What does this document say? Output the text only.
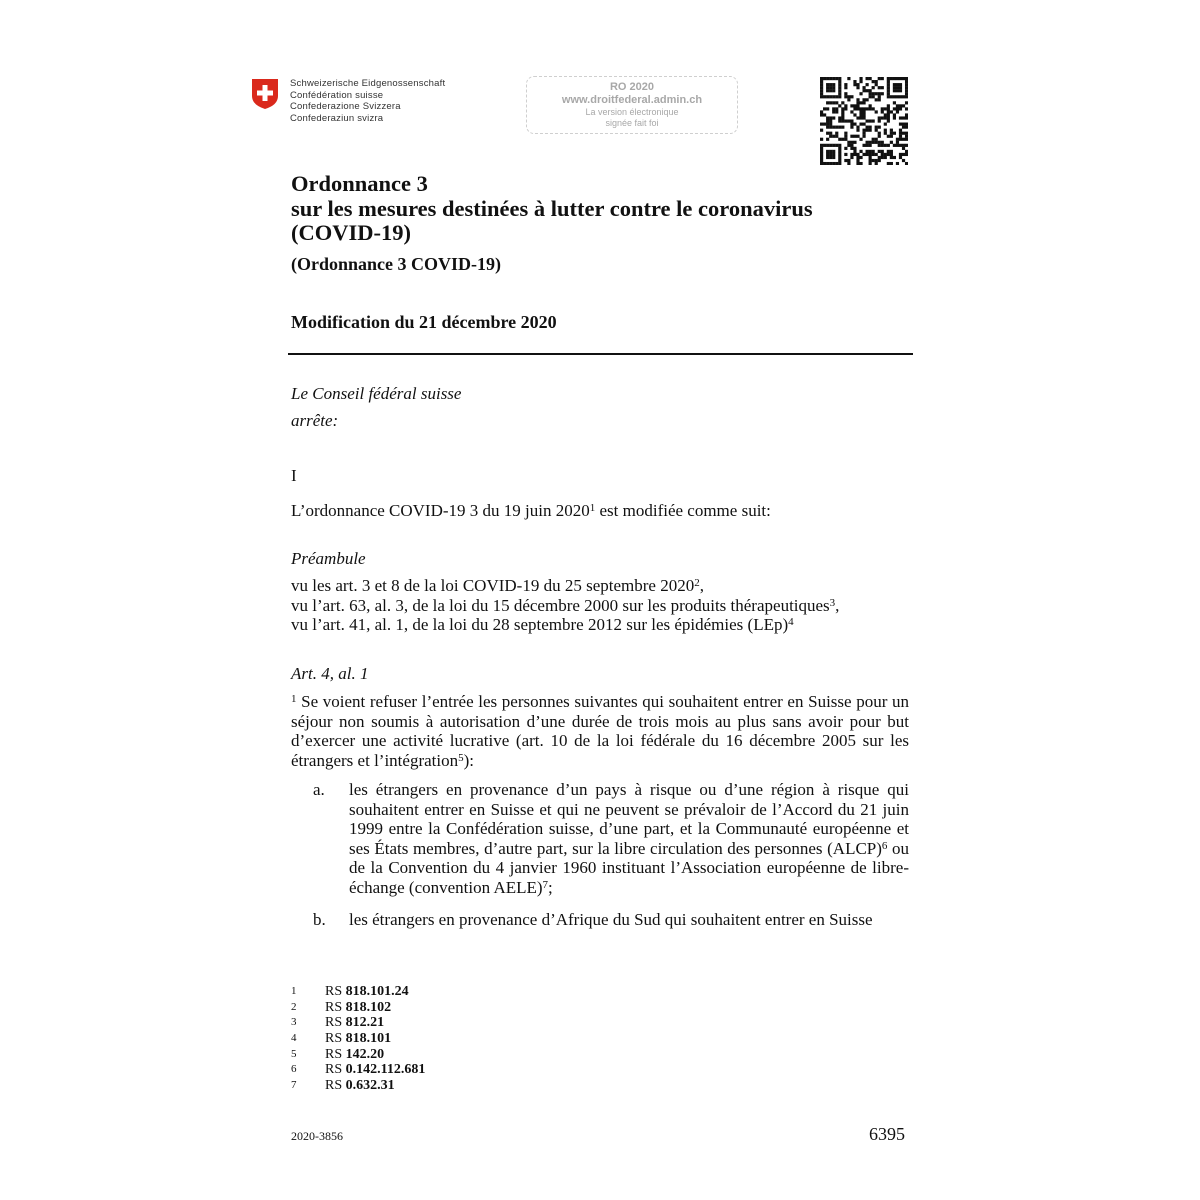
Schweizerische Eidgenossenschaft
Confédération suisse
Confederazione Svizzera
Confederaziun svizra
RO 2020
www.droitfederal.admin.ch
La version électronique
signée fait foi
Ordonnance 3
sur les mesures destinées à lutter contre le coronavirus
(COVID-19)
(Ordonnance 3 COVID-19)
Modification du 21 décembre 2020
Le Conseil fédéral suisse
arrête:
I
L’ordonnance COVID-19 3 du 19 juin 2020$^1$ est modifiée comme suit:
Préambule
vu les art. 3 et 8 de la loi COVID-19 du 25 septembre 2020$^2$,
vu l’art. 63, al. 3, de la loi du 15 décembre 2000 sur les produits thérapeutiques$^3$,
vu l’art. 41, al. 1, de la loi du 28 septembre 2012 sur les épidémies (LEp)$^4$
Art. 4, al. 1
$^1$ Se voient refuser l’entrée les personnes suivantes qui souhaitent entrer en Suisse pour un séjour non soumis à autorisation d’une durée de trois mois au plus sans avoir pour but d’exercer une activité lucrative (art. 10 de la loi fédérale du 16 décembre 2005 sur les étrangers et l’intégration$^5$):
a. les étrangers en provenance d’un pays à risque ou d’une région à risque qui souhaitent entrer en Suisse et qui ne peuvent se prévaloir de l’Accord du 21 juin 1999 entre la Confédération suisse, d’une part, et la Communauté européenne et ses États membres, d’autre part, sur la libre circulation des personnes (ALCP)$^6$ ou de la Convention du 4 janvier 1960 instituant l’Association européenne de libre-échange (convention AELE)$^7$;
b. les étrangers en provenance d’Afrique du Sud qui souhaitent entrer en Suisse
1 RS 818.101.24
2 RS 818.102
3 RS 812.21
4 RS 818.101
5 RS 142.20
6 RS 0.142.112.681
7 RS 0.632.31
2020-3856	6395
